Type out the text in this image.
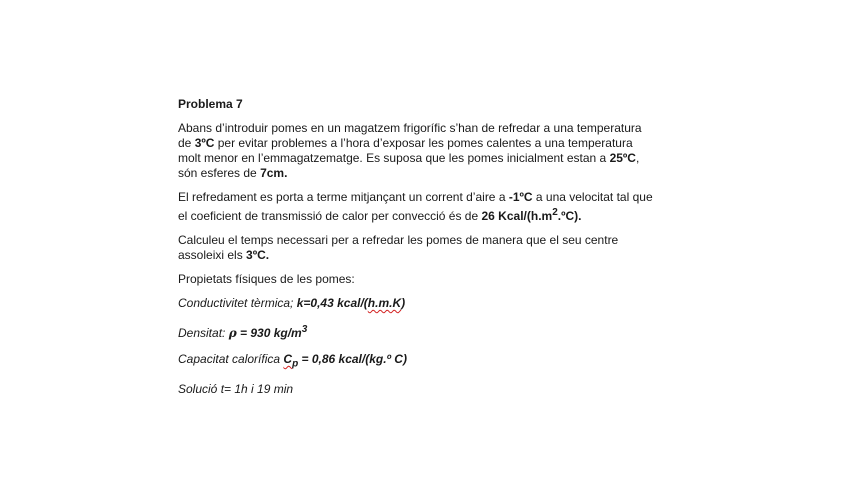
Problema 7

Abans d’introduir pomes en un magatzem frigorífic s’han de refredar a una temperatura de 3ºC per evitar problemes a l’hora d’exposar les pomes calentes a una temperatura molt menor en l’emmagatzematge. Es suposa que les pomes inicialment estan a 25ºC, són esferes de 7cm.

El refredament es porta a terme mitjançant un corrent d’aire a -1ºC a una velocitat tal que el coeficient de transmissió de calor per convecció és de 26 Kcal/$(h.m^2.ºC)$.

Calculeu el temps necessari per a refredar les pomes de manera que el seu centre assoleixi els 3ºC.

Propietats físiques de les pomes:

Conductivitet tèrmica; k=0,43 kcal/(h.m.K)
Densitat: ρ = 930 $kg/m^3$
Capacitat calorífica $C_p = 0,86$ kcal/(kg.º C)
Solució t= 1h i 19 min
